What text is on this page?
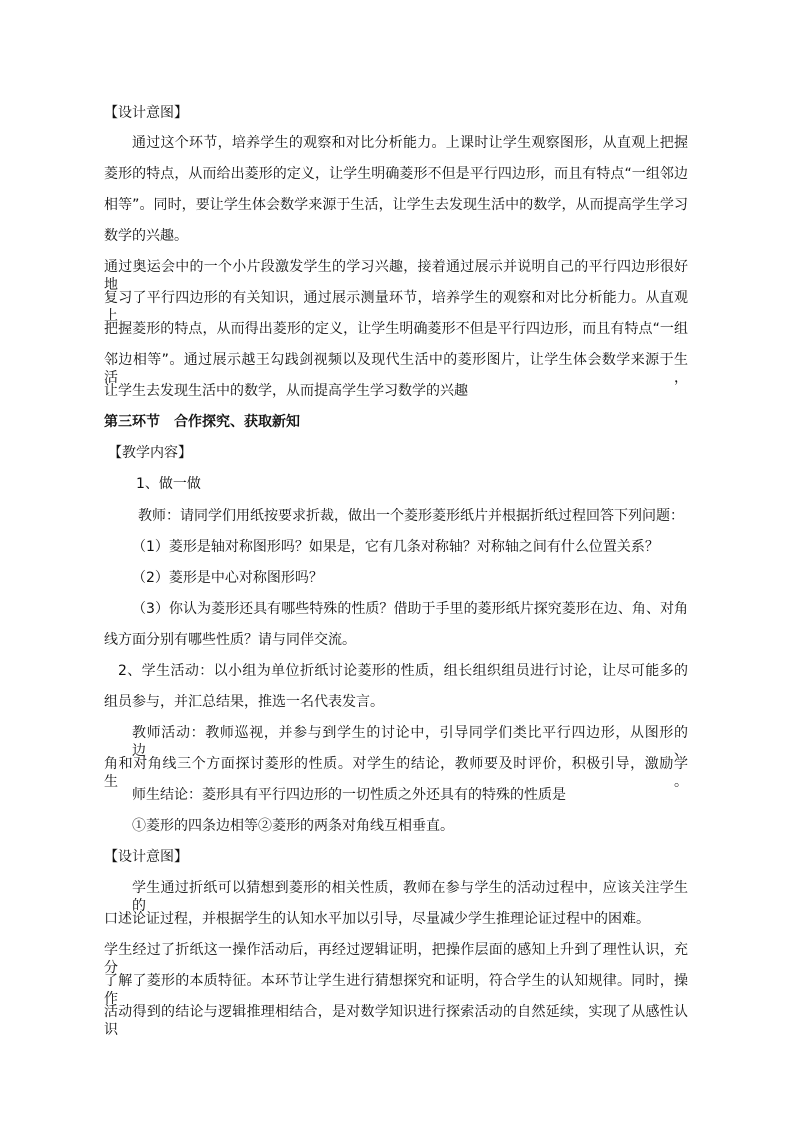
【设计意图】
通过这个环节，培养学生的观察和对比分析能力。上课时让学生观察图形，从直观上把握
菱形的特点，从而给出菱形的定义，让学生明确菱形不但是平行四边形，而且有特点“一组邻边
相等”。同时，要让学生体会数学来源于生活，让学生去发现生活中的数学，从而提高学生学习
数学的兴趣。
通过奥运会中的一个小片段激发学生的学习兴趣，接着通过展示并说明自己的平行四边形很好地
复习了平行四边形的有关知识，通过展示测量环节，培养学生的观察和对比分析能力。从直观上
把握菱形的特点，从而得出菱形的定义，让学生明确菱形不但是平行四边形，而且有特点“一组
邻边相等”。通过展示越王勾践剑视频以及现代生活中的菱形图片，让学生体会数学来源于生活，
让学生去发现生活中的数学，从而提高学生学习数学的兴趣
第三环节　合作探究、获取新知
【教学内容】
1、做一做
教师：请同学们用纸按要求折裁，做出一个菱形菱形纸片并根据折纸过程回答下列问题：
（1）菱形是轴对称图形吗？如果是，它有几条对称轴？对称轴之间有什么位置关系？
（2）菱形是中心对称图形吗？
（3）你认为菱形还具有哪些特殊的性质？借助于手里的菱形纸片探究菱形在边、角、对角
线方面分别有哪些性质？请与同伴交流。
2、学生活动：以小组为单位折纸讨论菱形的性质，组长组织组员进行讨论，让尽可能多的
组员参与，并汇总结果，推选一名代表发言。
教师活动：教师巡视，并参与到学生的讨论中，引导同学们类比平行四边形，从图形的边、
角和对角线三个方面探讨菱形的性质。对学生的结论，教师要及时评价，积极引导，激励学生。
师生结论：菱形具有平行四边形的一切性质之外还具有的特殊的性质是
①菱形的四条边相等②菱形的两条对角线互相垂直。
【设计意图】
学生通过折纸可以猜想到菱形的相关性质，教师在参与学生的活动过程中，应该关注学生的
口述论证过程，并根据学生的认知水平加以引导，尽量减少学生推理论证过程中的困难。
学生经过了折纸这一操作活动后，再经过逻辑证明，把操作层面的感知上升到了理性认识，充分
了解了菱形的本质特征。本环节让学生进行猜想探究和证明，符合学生的认知规律。同时，操作
活动得到的结论与逻辑推理相结合，是对数学知识进行探索活动的自然延续，实现了从感性认识
